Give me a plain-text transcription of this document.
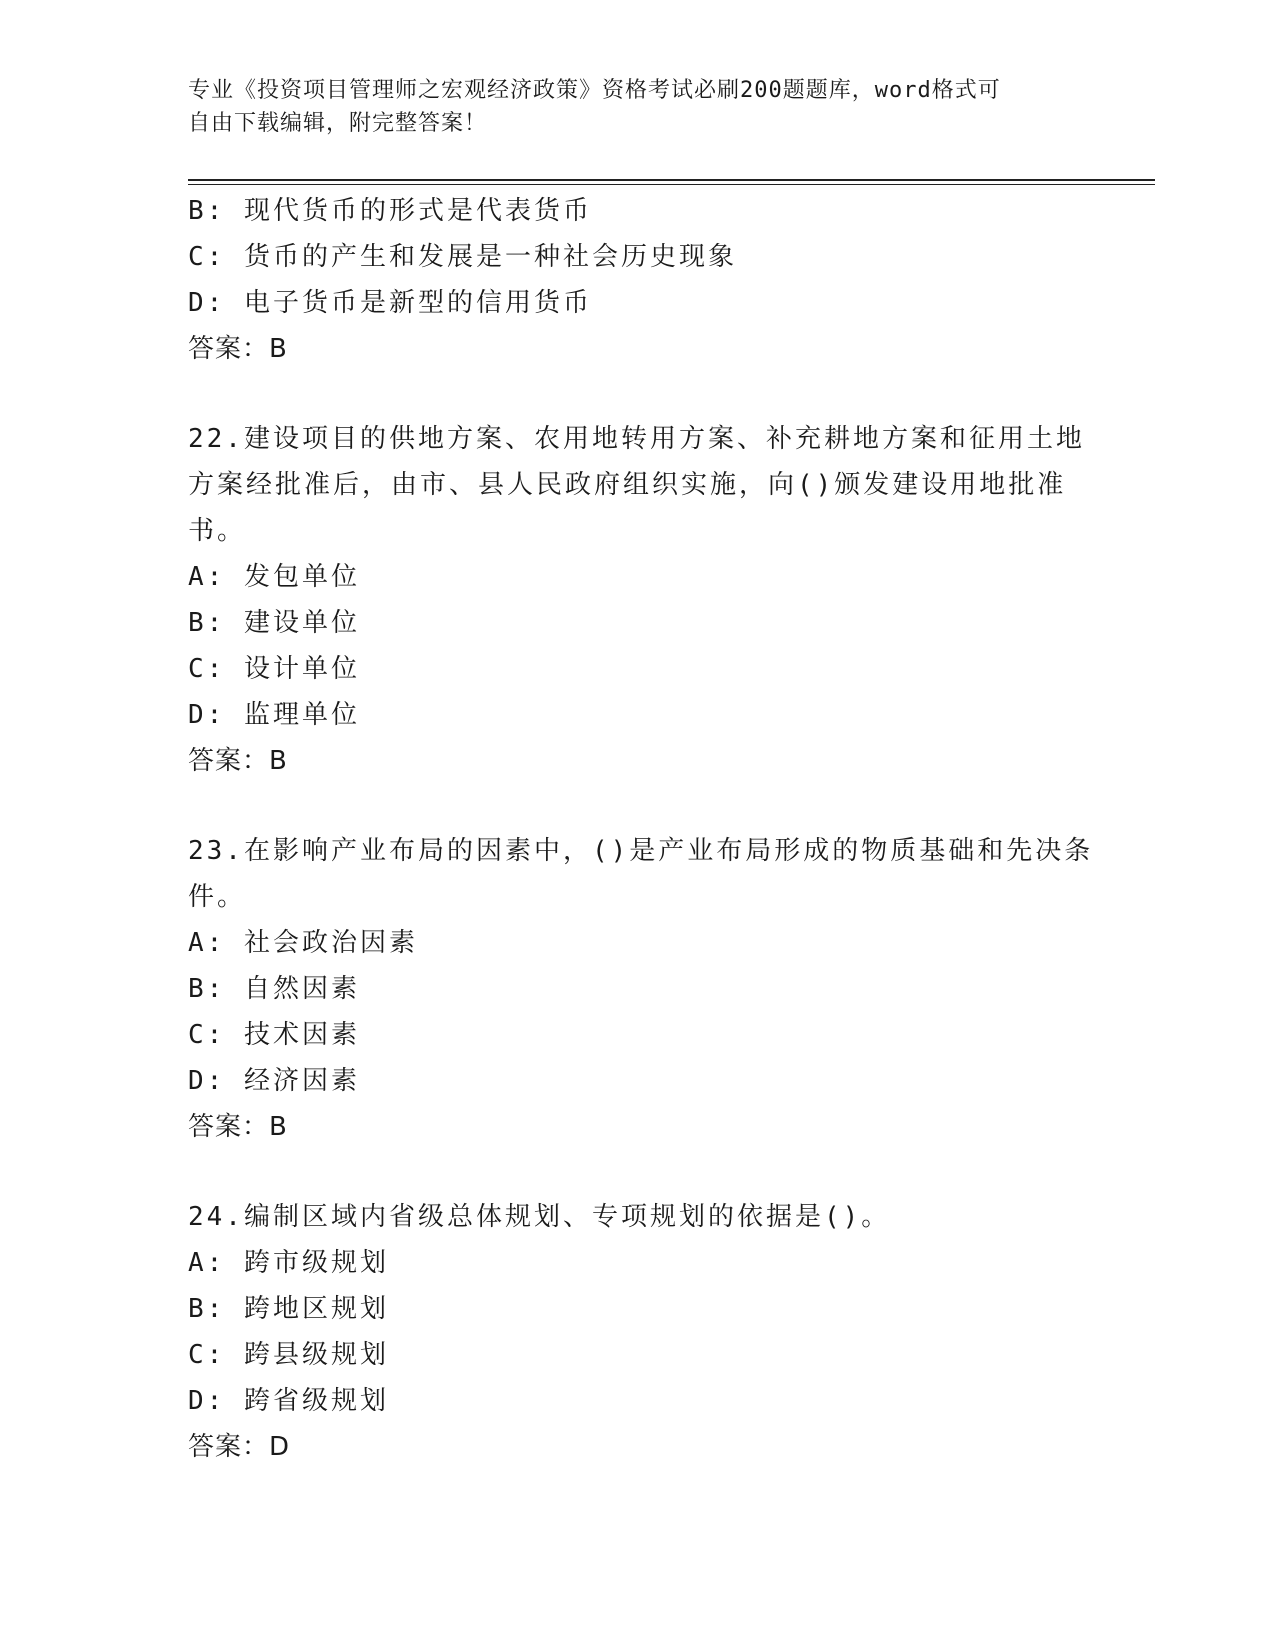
专业《投资项目管理师之宏观经济政策》资格考试必刷200题题库，word格式可
自由下载编辑，附完整答案！
B: 现代货币的形式是代表货币
C: 货币的产生和发展是一种社会历史现象
D: 电子货币是新型的信用货币
答案：B
22.建设项目的供地方案、农用地转用方案、补充耕地方案和征用土地
方案经批准后，由市、县人民政府组织实施，向()颁发建设用地批准
书。
A: 发包单位
B: 建设单位
C: 设计单位
D: 监理单位
答案：B
23.在影响产业布局的因素中，()是产业布局形成的物质基础和先决条
件。
A: 社会政治因素
B: 自然因素
C: 技术因素
D: 经济因素
答案：B
24.编制区域内省级总体规划、专项规划的依据是()。
A: 跨市级规划
B: 跨地区规划
C: 跨县级规划
D: 跨省级规划
答案：D
